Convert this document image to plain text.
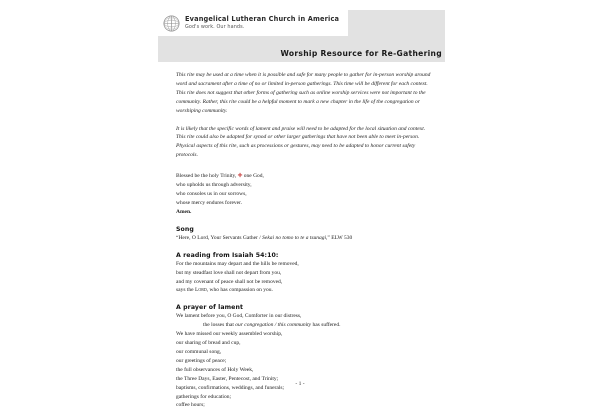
Evangelical Lutheran Church in America
God's work. Our hands.
Worship Resource for Re-Gathering

This rite may be used at a time when it is possible and safe for many people to gather for in-person worship around word and sacrament after a time of no or limited in-person gatherings. This time will be different for each context. This rite does not suggest that other forms of gathering such as online worship services were not important to the community. Rather, this rite could be a helpful moment to mark a new chapter in the life of the congregation or worshiping community.

It is likely that the specific words of lament and praise will need to be adapted for the local situation and context. This rite could also be adapted for synod or other larger gatherings that have not been able to meet in-person. Physical aspects of this rite, such as processions or gestures, may need to be adapted to honor current safety protocols.

Blessed be the holy Trinity, ✛ one God,

who upholds us through adversity,

who consoles us in our sorrows,

whose mercy endures forever.

Amen.

Song

“Here, O Lord, Your Servants Gather / Sekai no tomo to te a tsunagi,” ELW 530

A reading from Isaiah 54:10:

For the mountains may depart and the hills be removed,

but my steadfast love shall not depart from you,

and my covenant of peace shall not be removed,

says the Lord, who has compassion on you.

A prayer of lament

We lament before you, O God, Comforter in our distress,

the losses that our congregation / this community has suffered.

We have missed our weekly assembled worship,

our sharing of bread and cup,

our communal song,

our greetings of peace;

the full observances of Holy Week,

the Three Days, Easter, Pentecost, and Trinity;

baptisms, confirmations, weddings, and funerals;

gatherings for education;

coffee hours;

- 1 -
